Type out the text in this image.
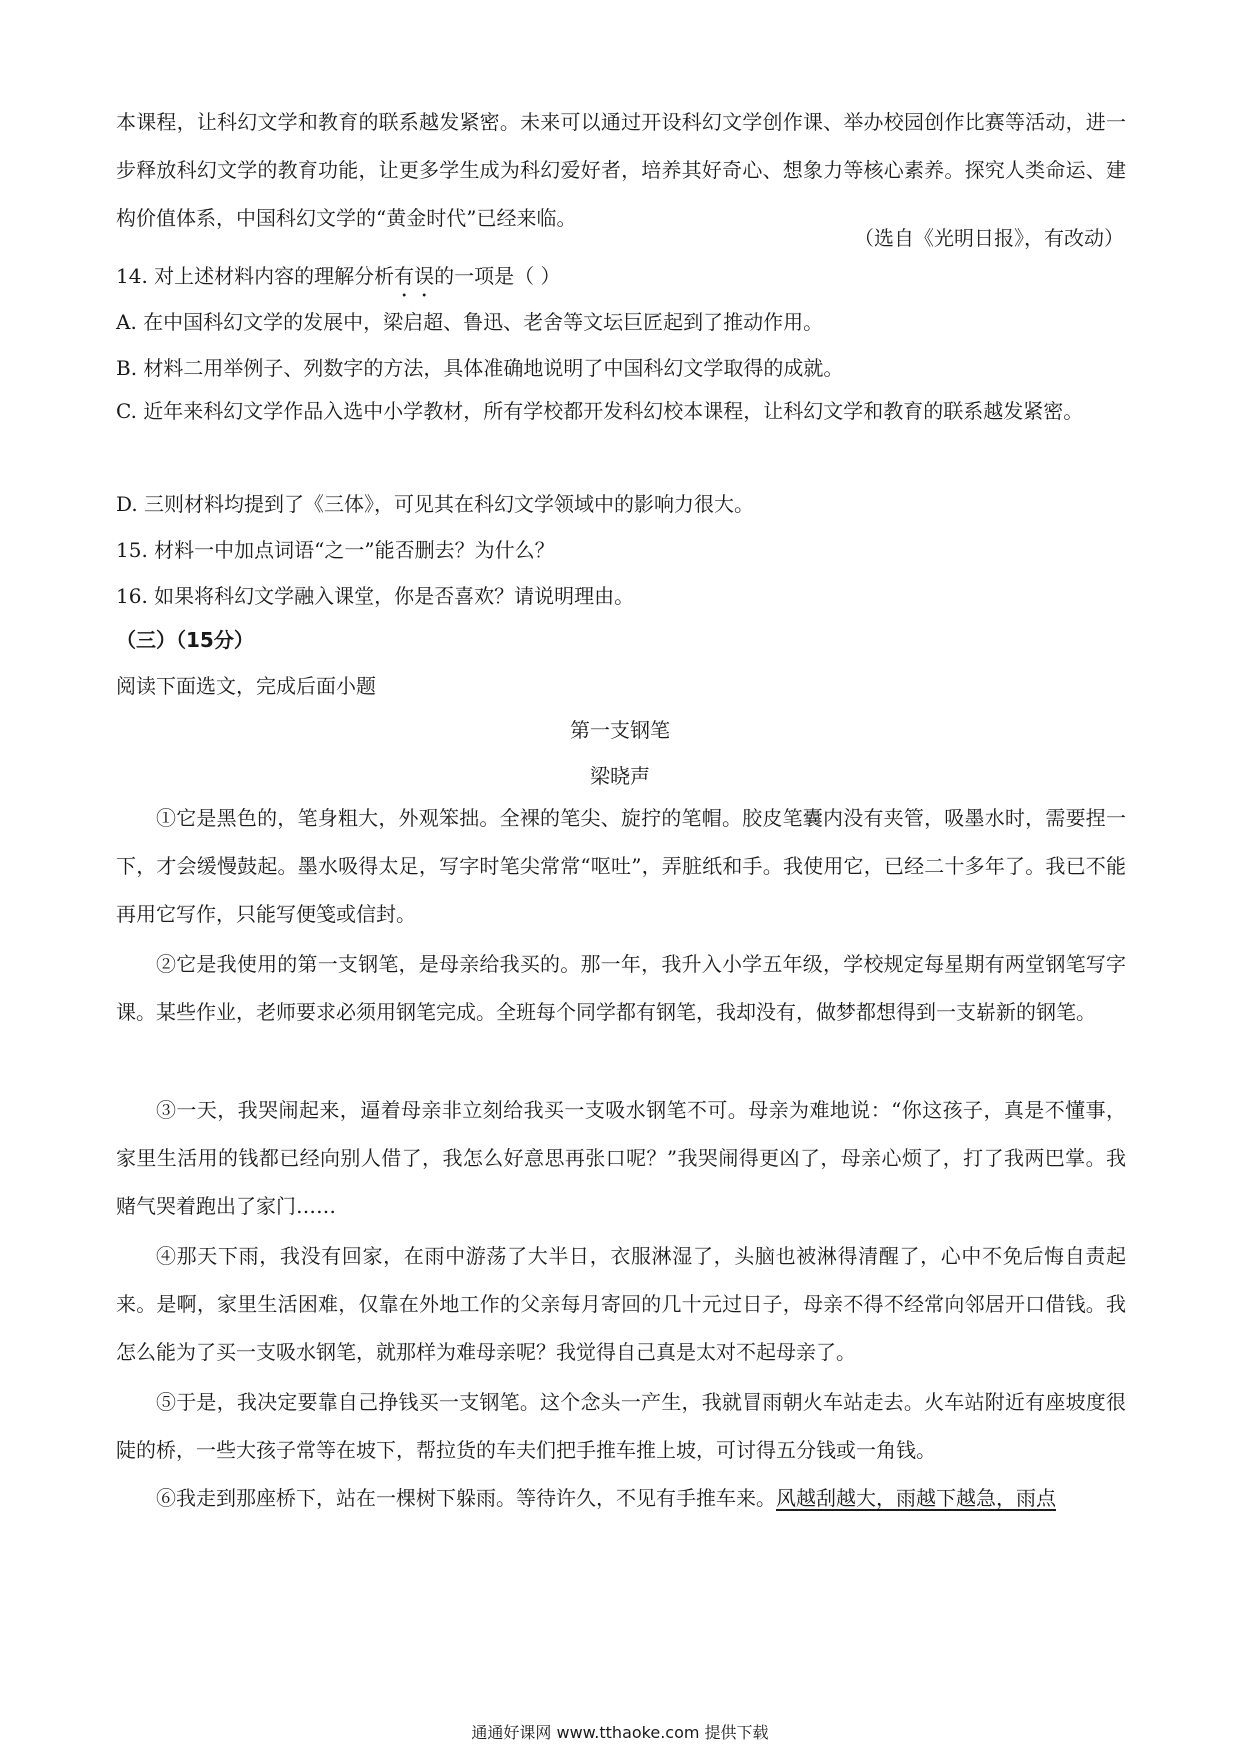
本课程，让科幻文学和教育的联系越发紧密。未来可以通过开设科幻文学创作课、举办校园创作比赛等活动，进一步释放科幻文学的教育功能，让更多学生成为科幻爱好者，培养其好奇心、想象力等核心素养。探究人类命运、建构价值体系，中国科幻文学的“黄金时代”已经来临。
（选自《光明日报》，有改动）
14. 对上述材料内容的理解分析有误的一项是（ ）
A. 在中国科幻文学的发展中，梁启超、鲁迅、老舍等文坛巨匠起到了推动作用。
B. 材料二用举例子、列数字的方法，具体准确地说明了中国科幻文学取得的成就。
C. 近年来科幻文学作品入选中小学教材，所有学校都开发科幻校本课程，让科幻文学和教育的联系越发紧密。
D. 三则材料均提到了《三体》，可见其在科幻文学领域中的影响力很大。
15. 材料一中加点词语“之一”能否删去？为什么？
16. 如果将科幻文学融入课堂，你是否喜欢？请说明理由。
（三）（15分）
阅读下面选文，完成后面小题
第一支钢笔
梁晓声
①它是黑色的，笔身粗大，外观笨拙。全裸的笔尖、旋拧的笔帽。胶皮笔囊内没有夹管，吸墨水时，需要捏一下，才会缓慢鼓起。墨水吸得太足，写字时笔尖常常“呕吐”，弄脏纸和手。我使用它，已经二十多年了。我已不能再用它写作，只能写便笺或信封。
②它是我使用的第一支钢笔，是母亲给我买的。那一年，我升入小学五年级，学校规定每星期有两堂钢笔写字课。某些作业，老师要求必须用钢笔完成。全班每个同学都有钢笔，我却没有，做梦都想得到一支崭新的钢笔。
③一天，我哭闹起来，逼着母亲非立刻给我买一支吸水钢笔不可。母亲为难地说：“你这孩子，真是不懂事，家里生活用的钱都已经向别人借了，我怎么好意思再张口呢？”我哭闹得更凶了，母亲心烦了，打了我两巴掌。我赌气哭着跑出了家门……
④那天下雨，我没有回家，在雨中游荡了大半日，衣服淋湿了，头脑也被淋得清醒了，心中不免后悔自责起来。是啊，家里生活困难，仅靠在外地工作的父亲每月寄回的几十元过日子，母亲不得不经常向邻居开口借钱。我怎么能为了买一支吸水钢笔，就那样为难母亲呢？我觉得自己真是太对不起母亲了。
⑤于是，我决定要靠自己挣钱买一支钢笔。这个念头一产生，我就冒雨朝火车站走去。火车站附近有座坡度很陡的桥，一些大孩子常等在坡下，帮拉货的车夫们把手推车推上坡，可讨得五分钱或一角钱。
⑥我走到那座桥下，站在一棵树下躲雨。等待许久，不见有手推车来。风越刮越大，雨越下越急，雨点
通通好课网 www.tthaoke.com 提供下载
